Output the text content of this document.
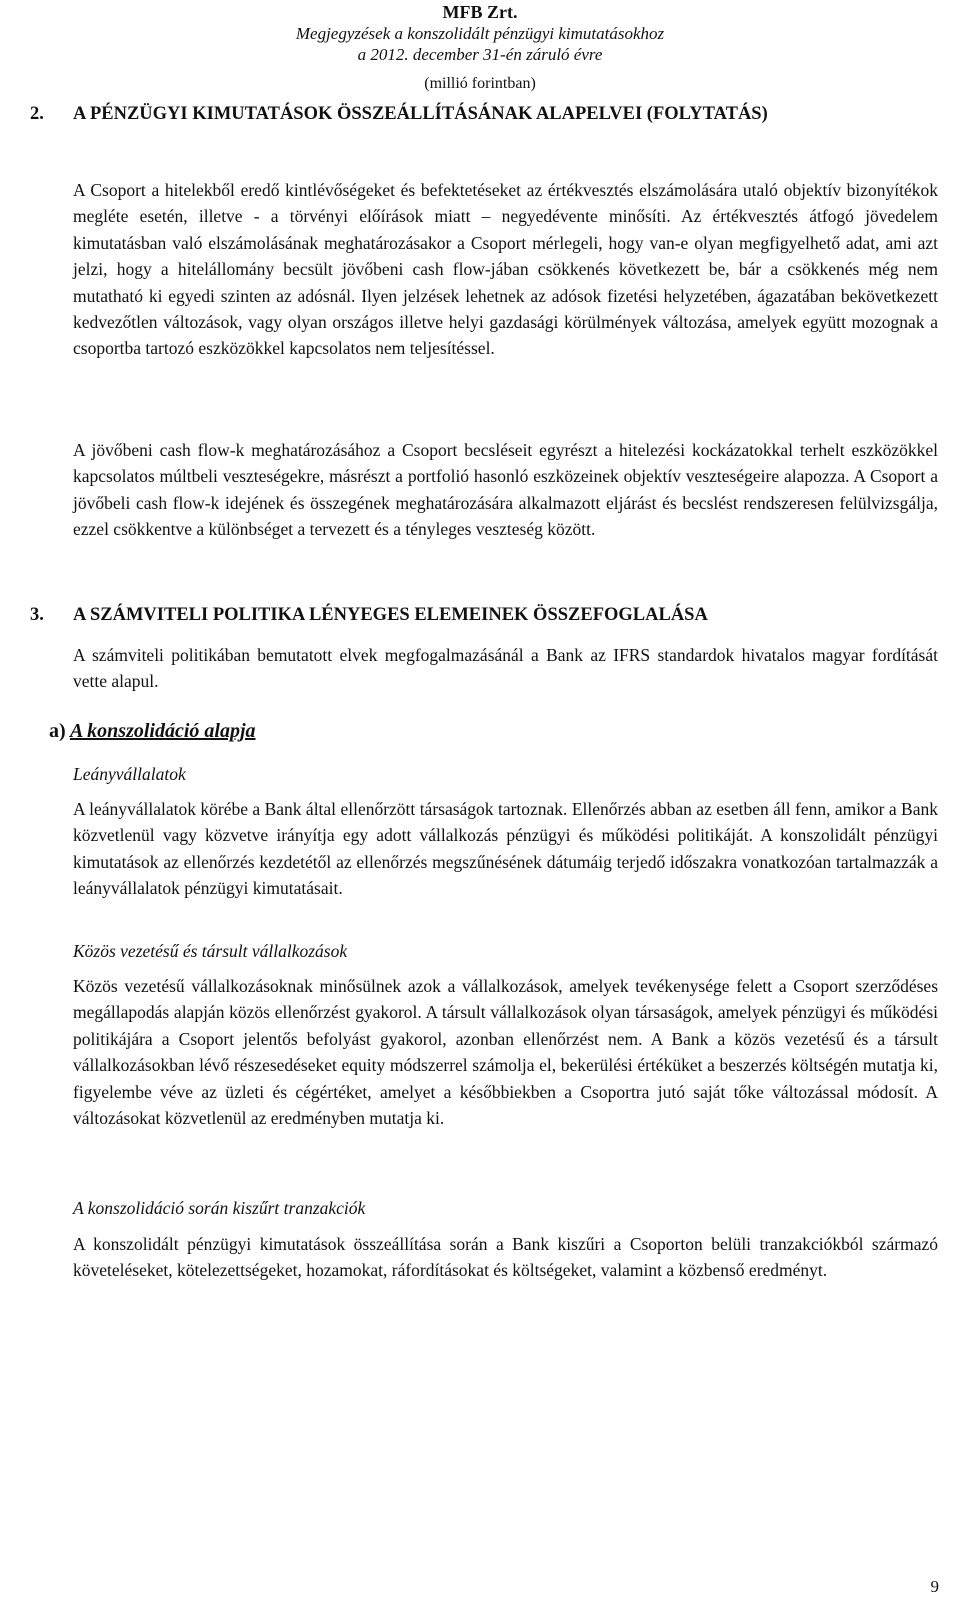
MFB Zrt.
Megjegyzések a konszolidált pénzügyi kimutatásokhoz
a 2012. december 31-én záruló évre
(millió forintban)
2. A PÉNZÜGYI KIMUTATÁSOK ÖSSZEÁLLÍTÁSÁNAK ALAPELVEI (FOLYTATÁS)

A Csoport a hitelekből eredő kintlévőségeket és befektetéseket az értékvesztés elszámolására utaló objektív bizonyítékok megléte esetén, illetve - a törvényi előírások miatt – negyedévente minősíti. Az értékvesztés átfogó jövedelem kimutatásban való elszámolásának meghatározásakor a Csoport mérlegeli, hogy van-e olyan megfigyelhető adat, ami azt jelzi, hogy a hitelállomány becsült jövőbeni cash flow-jában csökkenés következett be, bár a csökkenés még nem mutatható ki egyedi szinten az adósnál. Ilyen jelzések lehetnek az adósok fizetési helyzetében, ágazatában bekövetkezett kedvezőtlen változások, vagy olyan országos illetve helyi gazdasági körülmények változása, amelyek együtt mozognak a csoportba tartozó eszközökkel kapcsolatos nem teljesítéssel.

A jövőbeni cash flow-k meghatározásához a Csoport becsléseit egyrészt a hitelezési kockázatokkal terhelt eszközökkel kapcsolatos múltbeli veszteségekre, másrészt a portfolió hasonló eszközeinek objektív veszteségeire alapozza. A Csoport a jövőbeli cash flow-k idejének és összegének meghatározására alkalmazott eljárást és becslést rendszeresen felülvizsgálja, ezzel csökkentve a különbséget a tervezett és a tényleges veszteség között.

3. A SZÁMVITELI POLITIKA LÉNYEGES ELEMEINEK ÖSSZEFOGLALÁSA

A számviteli politikában bemutatott elvek megfogalmazásánál a Bank az IFRS standardok hivatalos magyar fordítását vette alapul.

a) A konszolidáció alapja
Leányvállalatok

A leányvállalatok körébe a Bank által ellenőrzött társaságok tartoznak. Ellenőrzés abban az esetben áll fenn, amikor a Bank közvetlenül vagy közvetve irányítja egy adott vállalkozás pénzügyi és működési politikáját. A konszolidált pénzügyi kimutatások az ellenőrzés kezdetétől az ellenőrzés megszűnésének dátumáig terjedő időszakra vonatkozóan tartalmazzák a leányvállalatok pénzügyi kimutatásait.

Közös vezetésű és társult vállalkozások

Közös vezetésű vállalkozásoknak minősülnek azok a vállalkozások, amelyek tevékenysége felett a Csoport szerződéses megállapodás alapján közös ellenőrzést gyakorol. A társult vállalkozások olyan társaságok, amelyek pénzügyi és működési politikájára a Csoport jelentős befolyást gyakorol, azonban ellenőrzést nem. A Bank a közös vezetésű és a társult vállalkozásokban lévő részesedéseket equity módszerrel számolja el, bekerülési értéküket a beszerzés költségén mutatja ki, figyelembe véve az üzleti és cégértéket, amelyet a későbbiekben a Csoportra jutó saját tőke változással módosít. A változásokat közvetlenül az eredményben mutatja ki.

A konszolidáció során kiszűrt tranzakciók

A konszolidált pénzügyi kimutatások összeállítása során a Bank kiszűri a Csoporton belüli tranzakciókból származó követeléseket, kötelezettségeket, hozamokat, ráfordításokat és költségeket, valamint a közbenső eredményt.

9
